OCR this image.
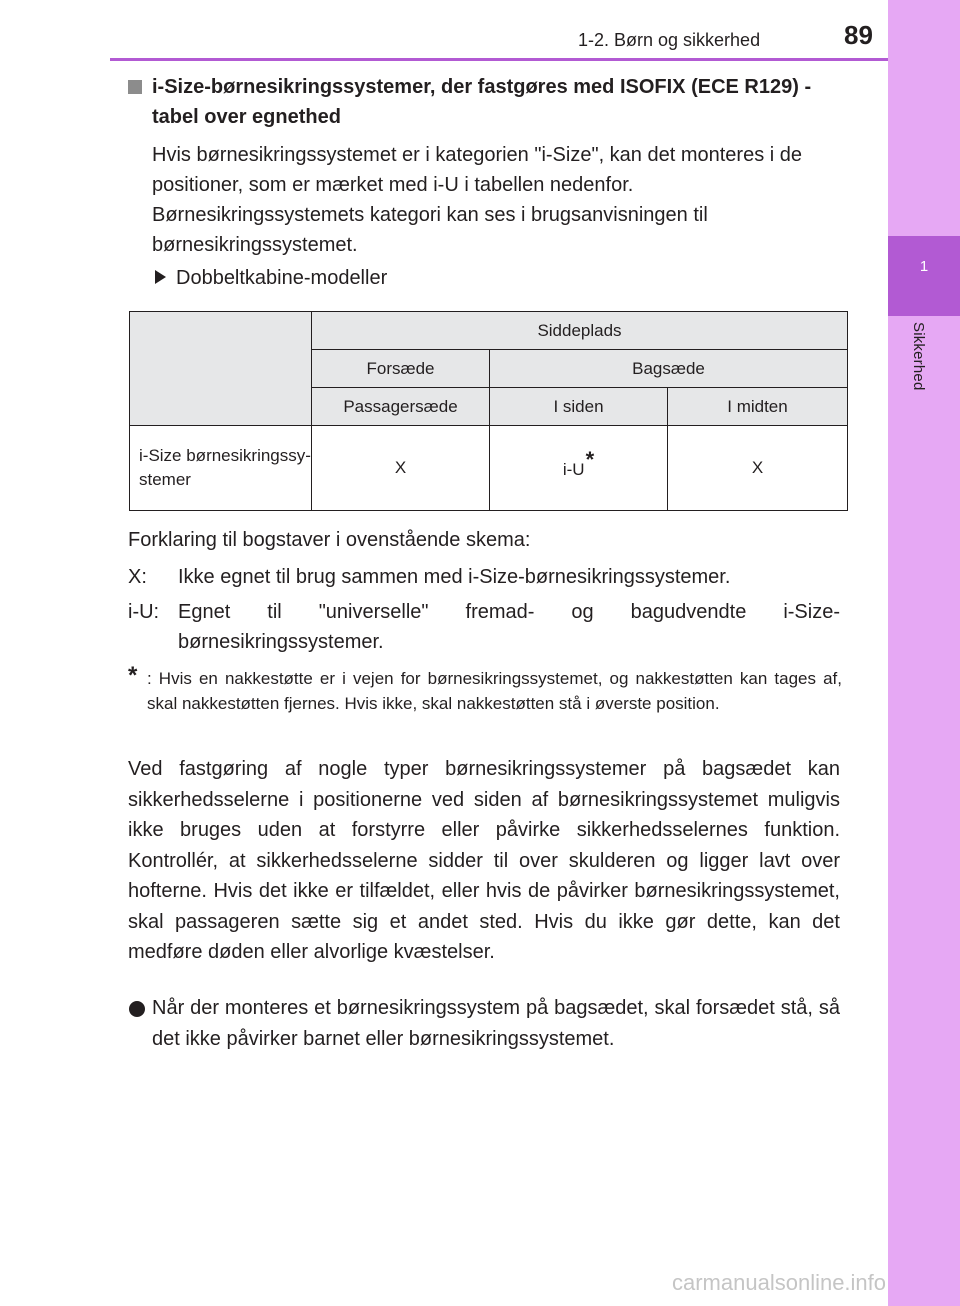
1
Sikkerhed
1-2. Børn og sikkerhed	89
i-Size-børnesikringssystemer, der fastgøres med ISOFIX (ECE R129) - tabel over egnethed
Hvis børnesikringssystemet er i kategorien "i-Size", kan det monteres i de positioner, som er mærket med i-U i tabellen nedenfor. Børnesikringssystemets kategori kan ses i brugsanvisningen til børnesikringssystemet.
Dobbeltkabine-modeller
	Siddeplads		
	Forsæde	Bagsæde	
	Passagersæde	I siden	I midten
i-Size børnesikringssy-stemer	X	i-U*	X
Forklaring til bogstaver i ovenstående skema:
X: Ikke egnet til brug sammen med i-Size-børnesikringssystemer.
i-U: Egnet til "universelle" fremad- og bagudvendte i-Size-børnesikringssystemer.
* : Hvis en nakkestøtte er i vejen for børnesikringssystemet, og nakkestøtten kan tages af, skal nakkestøtten fjernes. Hvis ikke, skal nakkestøtten stå i øverste position.
Ved fastgøring af nogle typer børnesikringssystemer på bagsædet kan sikkerhedsselerne i positionerne ved siden af børnesikringssystemet muligvis ikke bruges uden at forstyrre eller påvirke sikkerhedsselernes funktion. Kontrollér, at sikkerhedsselerne sidder til over skulderen og ligger lavt over hofterne. Hvis det ikke er tilfældet, eller hvis de påvirker børnesikringssystemet, skal passageren sætte sig et andet sted. Hvis du ikke gør dette, kan det medføre døden eller alvorlige kvæstelser.
Når der monteres et børnesikringssystem på bagsædet, skal forsædet stå, så det ikke påvirker barnet eller børnesikringssystemet.
carmanualsonline.info
